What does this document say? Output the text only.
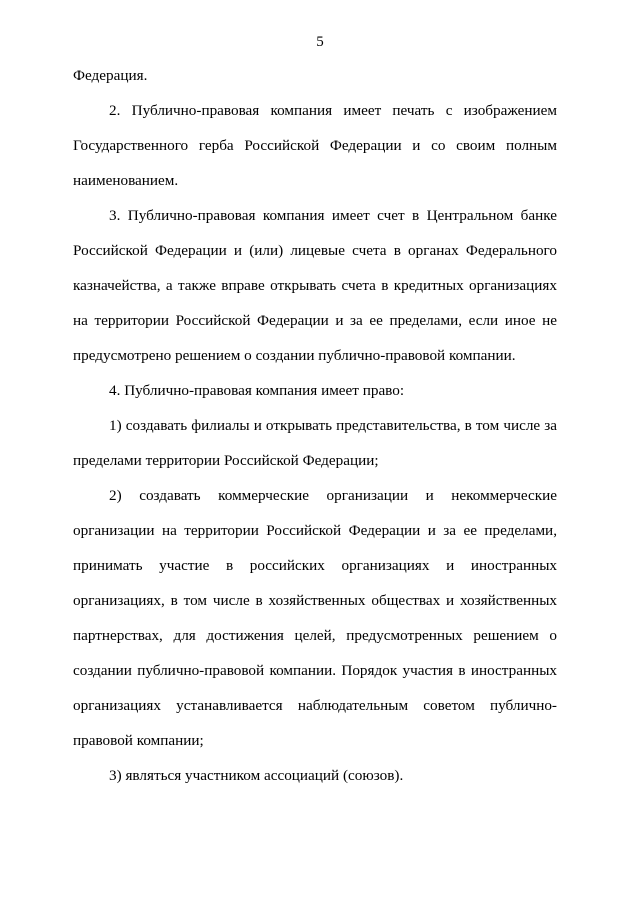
5
Федерация.
2. Публично-правовая компания имеет печать с изображением
Государственного герба Российской Федерации и со своим полным
наименованием.
3. Публично-правовая компания имеет счет в Центральном банке
Российской Федерации и (или) лицевые счета в органах Федерального
казначейства, а также вправе открывать счета в кредитных организациях
на территории Российской Федерации и за ее пределами, если иное не
предусмотрено решением о создании публично-правовой компании.
4. Публично-правовая компания имеет право:
1) создавать филиалы и открывать представительства, в том числе за
пределами территории Российской Федерации;
2) создавать коммерческие организации и некоммерческие
организации на территории Российской Федерации и за ее пределами,
принимать участие в российских организациях и иностранных
организациях, в том числе в хозяйственных обществах и хозяйственных
партнерствах, для достижения целей, предусмотренных решением о
создании публично-правовой компании. Порядок участия в иностранных
организациях устанавливается наблюдательным советом публично-
правовой компании;
3) являться участником ассоциаций (союзов).
